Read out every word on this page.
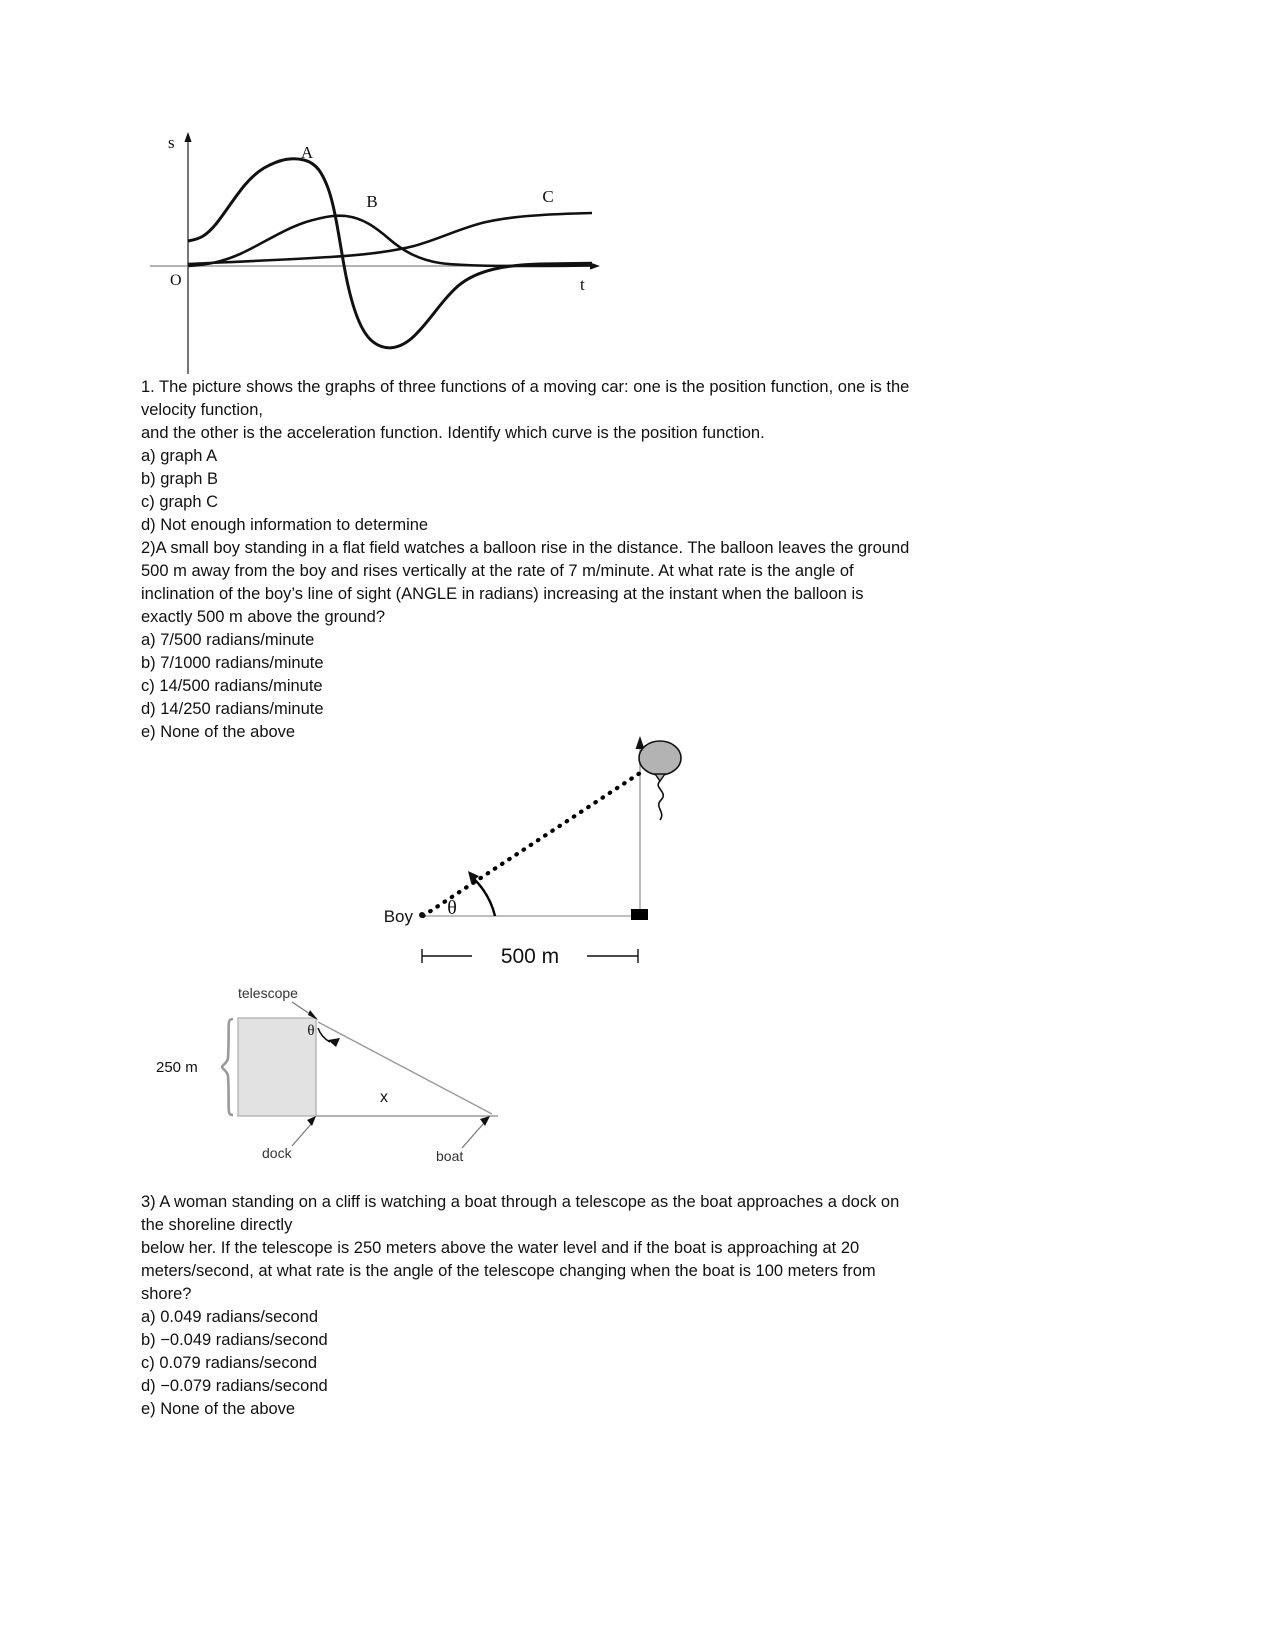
A
B	C
s
O	t
1. The picture shows the graphs of three functions of a moving car: one is the position function, one is the
velocity function,
and the other is the acceleration function. Identify which curve is the position function.
a) graph A
b) graph B
c) graph C
d) Not enough information to determine
2)A small boy standing in a flat field watches a balloon rise in the distance. The balloon leaves the ground
500 m away from the boy and rises vertically at the rate of 7 m/minute. At what rate is the angle of
inclination of the boy’s line of sight (ANGLE in radians) increasing at the instant when the balloon is
exactly 500 m above the ground?
a) 7/500 radians/minute
b) 7/1000 radians/minute
c) 14/500 radians/minute
d) 14/250 radians/minute
e) None of the above
θ
Boy
500 m
telescope
θ
250 m
x
dock	boat
3) A woman standing on a cliff is watching a boat through a telescope as the boat approaches a dock on
the shoreline directly
below her. If the telescope is 250 meters above the water level and if the boat is approaching at 20
meters/second, at what rate is the angle of the telescope changing when the boat is 100 meters from
shore?
a) 0.049 radians/second
b) −0.049 radians/second
c) 0.079 radians/second
d) −0.079 radians/second
e) None of the above
